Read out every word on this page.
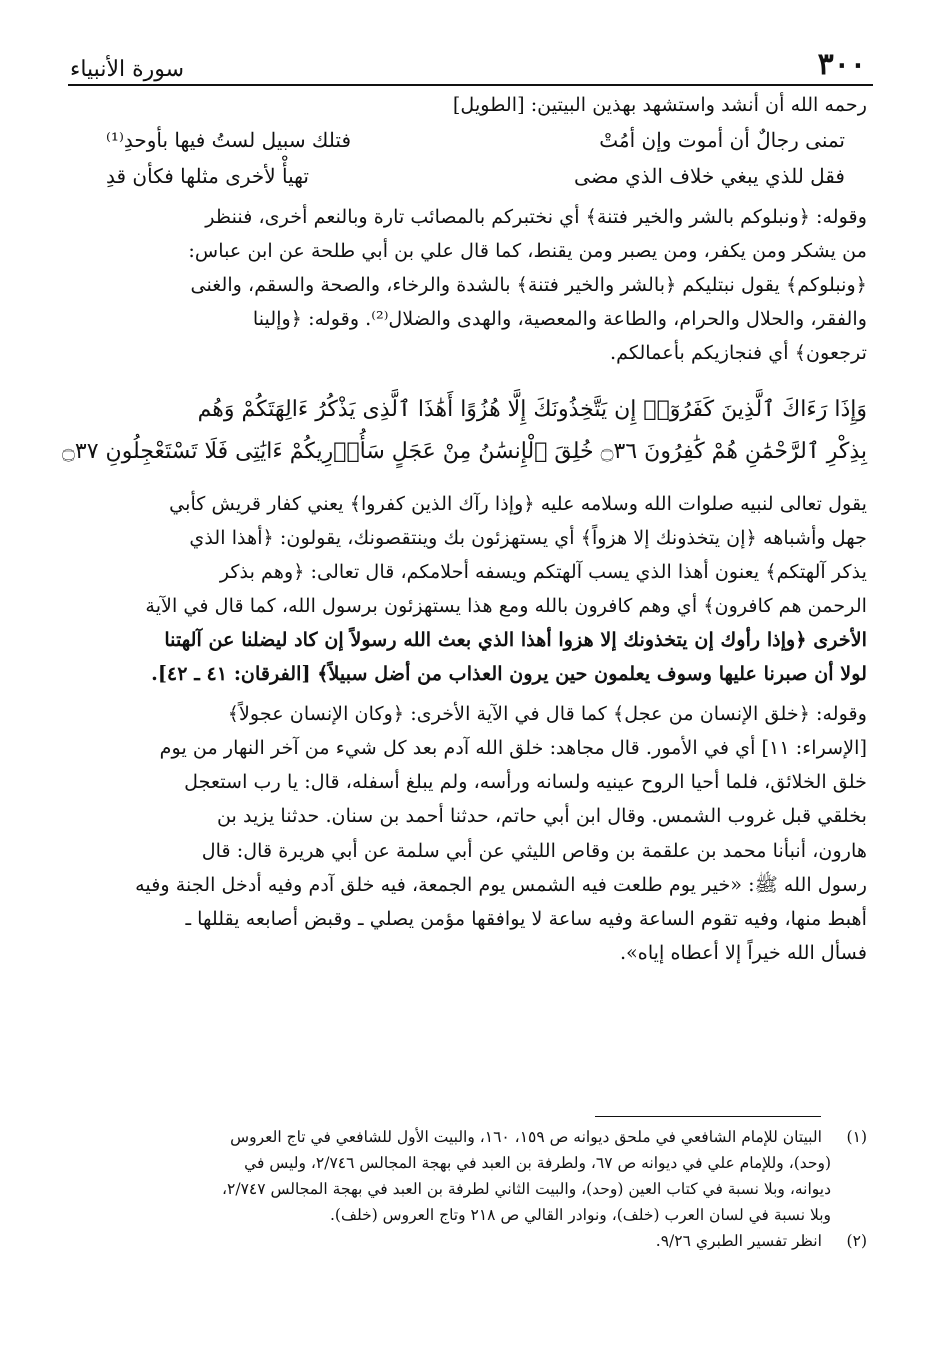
٣٠٠
سورة الأنبياء
رحمه الله أن أنشد واستشهد بهذين البيتين: [الطويل]
تمنى رجالٌ أن أموت وإن أمُتْ
فتلك سبيل لستُ فيها بأوحدِ⁽¹⁾
فقل للذي يبغي خلاف الذي مضى
تهيأْ لأخرى مثلها فكأن قدِ
وقوله: ﴿ونبلوكم بالشر والخير فتنة﴾ أي نختبركم بالمصائب تارة وبالنعم أخرى، فننظر
من يشكر ومن يكفر، ومن يصبر ومن يقنط، كما قال علي بن أبي طلحة عن ابن عباس:
﴿ونبلوكم﴾ يقول نبتليكم ﴿بالشر والخير فتنة﴾ بالشدة والرخاء، والصحة والسقم، والغنى
والفقر، والحلال والحرام، والطاعة والمعصية، والهدى والضلال⁽²⁾. وقوله: ﴿وإلينا
ترجعون﴾ أي فنجازيكم بأعمالكم.
وَإِذَا رَءَاكَ ٱلَّذِينَ كَفَرُوٓا۟ إِن يَتَّخِذُونَكَ إِلَّا هُزُوًا أَهَٰذَا ٱلَّذِى يَذْكُرُ ءَالِهَتَكُمْ وَهُم
بِذِكْرِ ٱلرَّحْمَٰنِ هُمْ كَٰفِرُونَ ۝٣٦ خُلِقَ ٱلْإِنسَٰنُ مِنْ عَجَلٍ سَأُو۟رِيكُمْ ءَايَٰتِى فَلَا تَسْتَعْجِلُونِ ۝٣٧
يقول تعالى لنبيه صلوات الله وسلامه عليه ﴿وإذا رآك الذين كفروا﴾ يعني كفار قريش كأبي
جهل وأشباهه ﴿إن يتخذونك إلا هزواً﴾ أي يستهزئون بك وينتقصونك، يقولون: ﴿أهذا الذي
يذكر آلهتكم﴾ يعنون أهذا الذي يسب آلهتكم ويسفه أحلامكم، قال تعالى: ﴿وهم بذكر
الرحمن هم كافرون﴾ أي وهم كافرون بالله ومع هذا يستهزئون برسول الله، كما قال في الآية
الأخرى ﴿وإذا رأوك إن يتخذونك إلا هزوا أهذا الذي بعث الله رسولاً إن كاد ليضلنا عن آلهتنا
لولا أن صبرنا عليها وسوف يعلمون حين يرون العذاب من أضل سبيلاً﴾ [الفرقان: ٤١ ـ ٤٢].
وقوله: ﴿خلق الإنسان من عجل﴾ كما قال في الآية الأخرى: ﴿وكان الإنسان عجولاً﴾
[الإسراء: ١١] أي في الأمور. قال مجاهد: خلق الله آدم بعد كل شيء من آخر النهار من يوم
خلق الخلائق، فلما أحيا الروح عينيه ولسانه ورأسه، ولم يبلغ أسفله، قال: يا رب استعجل
بخلقي قبل غروب الشمس. وقال ابن أبي حاتم، حدثنا أحمد بن سنان. حدثنا يزيد بن
هارون، أنبأنا محمد بن علقمة بن وقاص الليثي عن أبي سلمة عن أبي هريرة قال: قال
رسول الله ﷺ: «خير يوم طلعت فيه الشمس يوم الجمعة، فيه خلق آدم وفيه أدخل الجنة وفيه
أهبط منها، وفيه تقوم الساعة وفيه ساعة لا يوافقها مؤمن يصلي ـ وقبض أصابعه يقللها ـ
فسأل الله خيراً إلا أعطاه إياه».
(١)     البيتان للإمام الشافعي في ملحق ديوانه ص ١٥٩، ١٦٠، والبيت الأول للشافعي في تاج العروس
(وحد)، وللإمام علي في ديوانه ص ٦٧، ولطرفة بن العبد في بهجة المجالس ٢/٧٤٦، وليس في
ديوانه، وبلا نسبة في كتاب العين (وحد)، والبيت الثاني لطرفة بن العبد في بهجة المجالس ٢/٧٤٧،
وبلا نسبة في لسان العرب (خلف)، ونوادر القالي ص ٢١٨ وتاج العروس (خلف).
(٢)     انظر تفسير الطبري ٩/٢٦.
